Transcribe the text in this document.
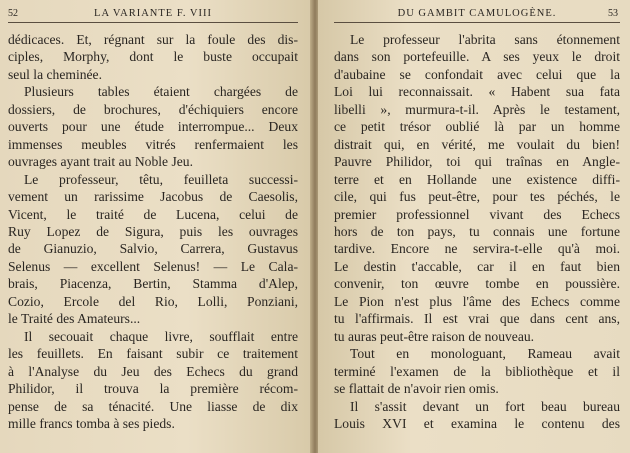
52	LA VARIANTE F. VIII
dédicaces. Et, régnant sur la foule des dis-
ciples, Morphy, dont le buste occupait
seul la cheminée.
Plusieurs tables étaient chargées de
dossiers, de brochures, d'échiquiers encore
ouverts pour une étude interrompue... Deux
immenses meubles vitrés renfermaient les
ouvrages ayant trait au Noble Jeu.
Le professeur, têtu, feuilleta successi-
vement un rarissime Jacobus de Caesolis,
Vicent, le traité de Lucena, celui de
Ruy Lopez de Sigura, puis les ouvrages
de Gianuzio, Salvio, Carrera, Gustavus
Selenus — excellent Selenus! — Le Cala-
brais, Piacenza, Bertin, Stamma d'Alep,
Cozio, Ercole del Rio, Lolli, Ponziani,
le Traité des Amateurs...
Il secouait chaque livre, soufflait entre
les feuillets. En faisant subir ce traitement
à l'Analyse du Jeu des Echecs du grand
Philidor, il trouva la première récom-
pense de sa ténacité. Une liasse de dix
mille francs tomba à ses pieds.
DU GAMBIT CAMULOGÈNE.	53
Le professeur l'abrita sans étonnement
dans son portefeuille. A ses yeux le droit
d'aubaine se confondait avec celui que la
Loi lui reconnaissait. « Habent sua fata
libelli », murmura-t-il. Après le testament,
ce petit trésor oublié là par un homme
distrait qui, en vérité, me voulait du bien!
Pauvre Philidor, toi qui traînas en Angle-
terre et en Hollande une existence diffi-
cile, qui fus peut-être, pour tes péchés, le
premier professionnel vivant des Echecs
hors de ton pays, tu connais une fortune
tardive. Encore ne servira-t-elle qu'à moi.
Le destin t'accable, car il en faut bien
convenir, ton œuvre tombe en poussière.
Le Pion n'est plus l'âme des Echecs comme
tu l'affirmais. Il est vrai que dans cent ans,
tu auras peut-être raison de nouveau.
Tout en monologuant, Rameau avait
terminé l'examen de la bibliothèque et il
se flattait de n'avoir rien omis.
Il s'assit devant un fort beau bureau
Louis XVI et examina le contenu des
